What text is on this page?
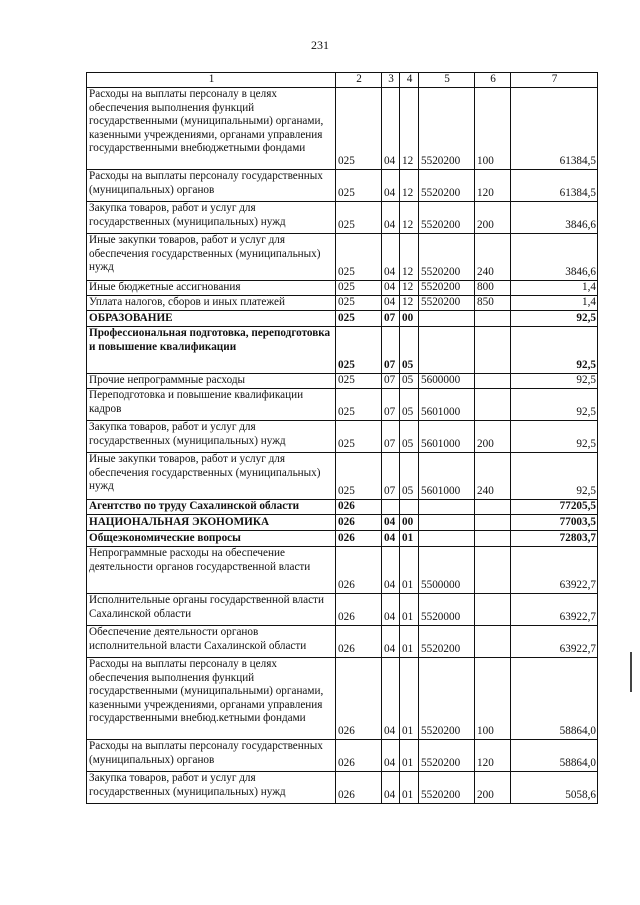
231
1	2	3	4	5	6	7
Расходы на выплаты персоналу в целях обеспечения выполнения функций государственными (муниципальными) органами, казенными учреждениями, органами управления государственными внебюджетными фондами	025	04	12	5520200	100	61384,5
Расходы на выплаты персоналу государственных (муниципальных) органов	025	04	12	5520200	120	61384,5
Закупка товаров, работ и услуг для государственных (муниципальных) нужд	025	04	12	5520200	200	3846,6
Иные закупки товаров, работ и услуг для обеспечения государственных (муниципальных) нужд	025	04	12	5520200	240	3846,6
Иные бюджетные ассигнования	025	04	12	5520200	800	1,4
Уплата налогов, сборов и иных платежей	025	04	12	5520200	850	1,4
ОБРАЗОВАНИЕ	025	07	00			92,5
Профессиональная подготовка, переподготовка и повышение квалификации	025	07	05			92,5
Прочие непрограммные расходы	025	07	05	5600000		92,5
Переподготовка и повышение квалификации кадров	025	07	05	5601000		92,5
Закупка товаров, работ и услуг для государственных (муниципальных) нужд	025	07	05	5601000	200	92,5
Иные закупки товаров, работ и услуг для обеспечения государственных (муниципальных) нужд	025	07	05	5601000	240	92,5
Агентство по труду Сахалинской области	026					77205,5
НАЦИОНАЛЬНАЯ ЭКОНОМИКА	026	04	00			77003,5
Общеэкономические вопросы	026	04	01			72803,7
Непрограммные расходы на обеспечение деятельности органов государственной власти	026	04	01	5500000		63922,7
Исполнительные органы государственной власти Сахалинской области	026	04	01	5520000		63922,7
Обеспечение деятельности органов исполнительной власти Сахалинской области	026	04	01	5520200		63922,7
Расходы на выплаты персоналу в целях обеспечения выполнения функций государственными (муниципальными) органами, казенными учреждениями, органами управления государственными внебюд.кетными фондами	026	04	01	5520200	100	58864,0
Расходы на выплаты персоналу государственных (муниципальных) органов	026	04	01	5520200	120	58864,0
Закупка товаров, работ и услуг для государственных (муниципальных) нужд	026	04	01	5520200	200	5058,6
